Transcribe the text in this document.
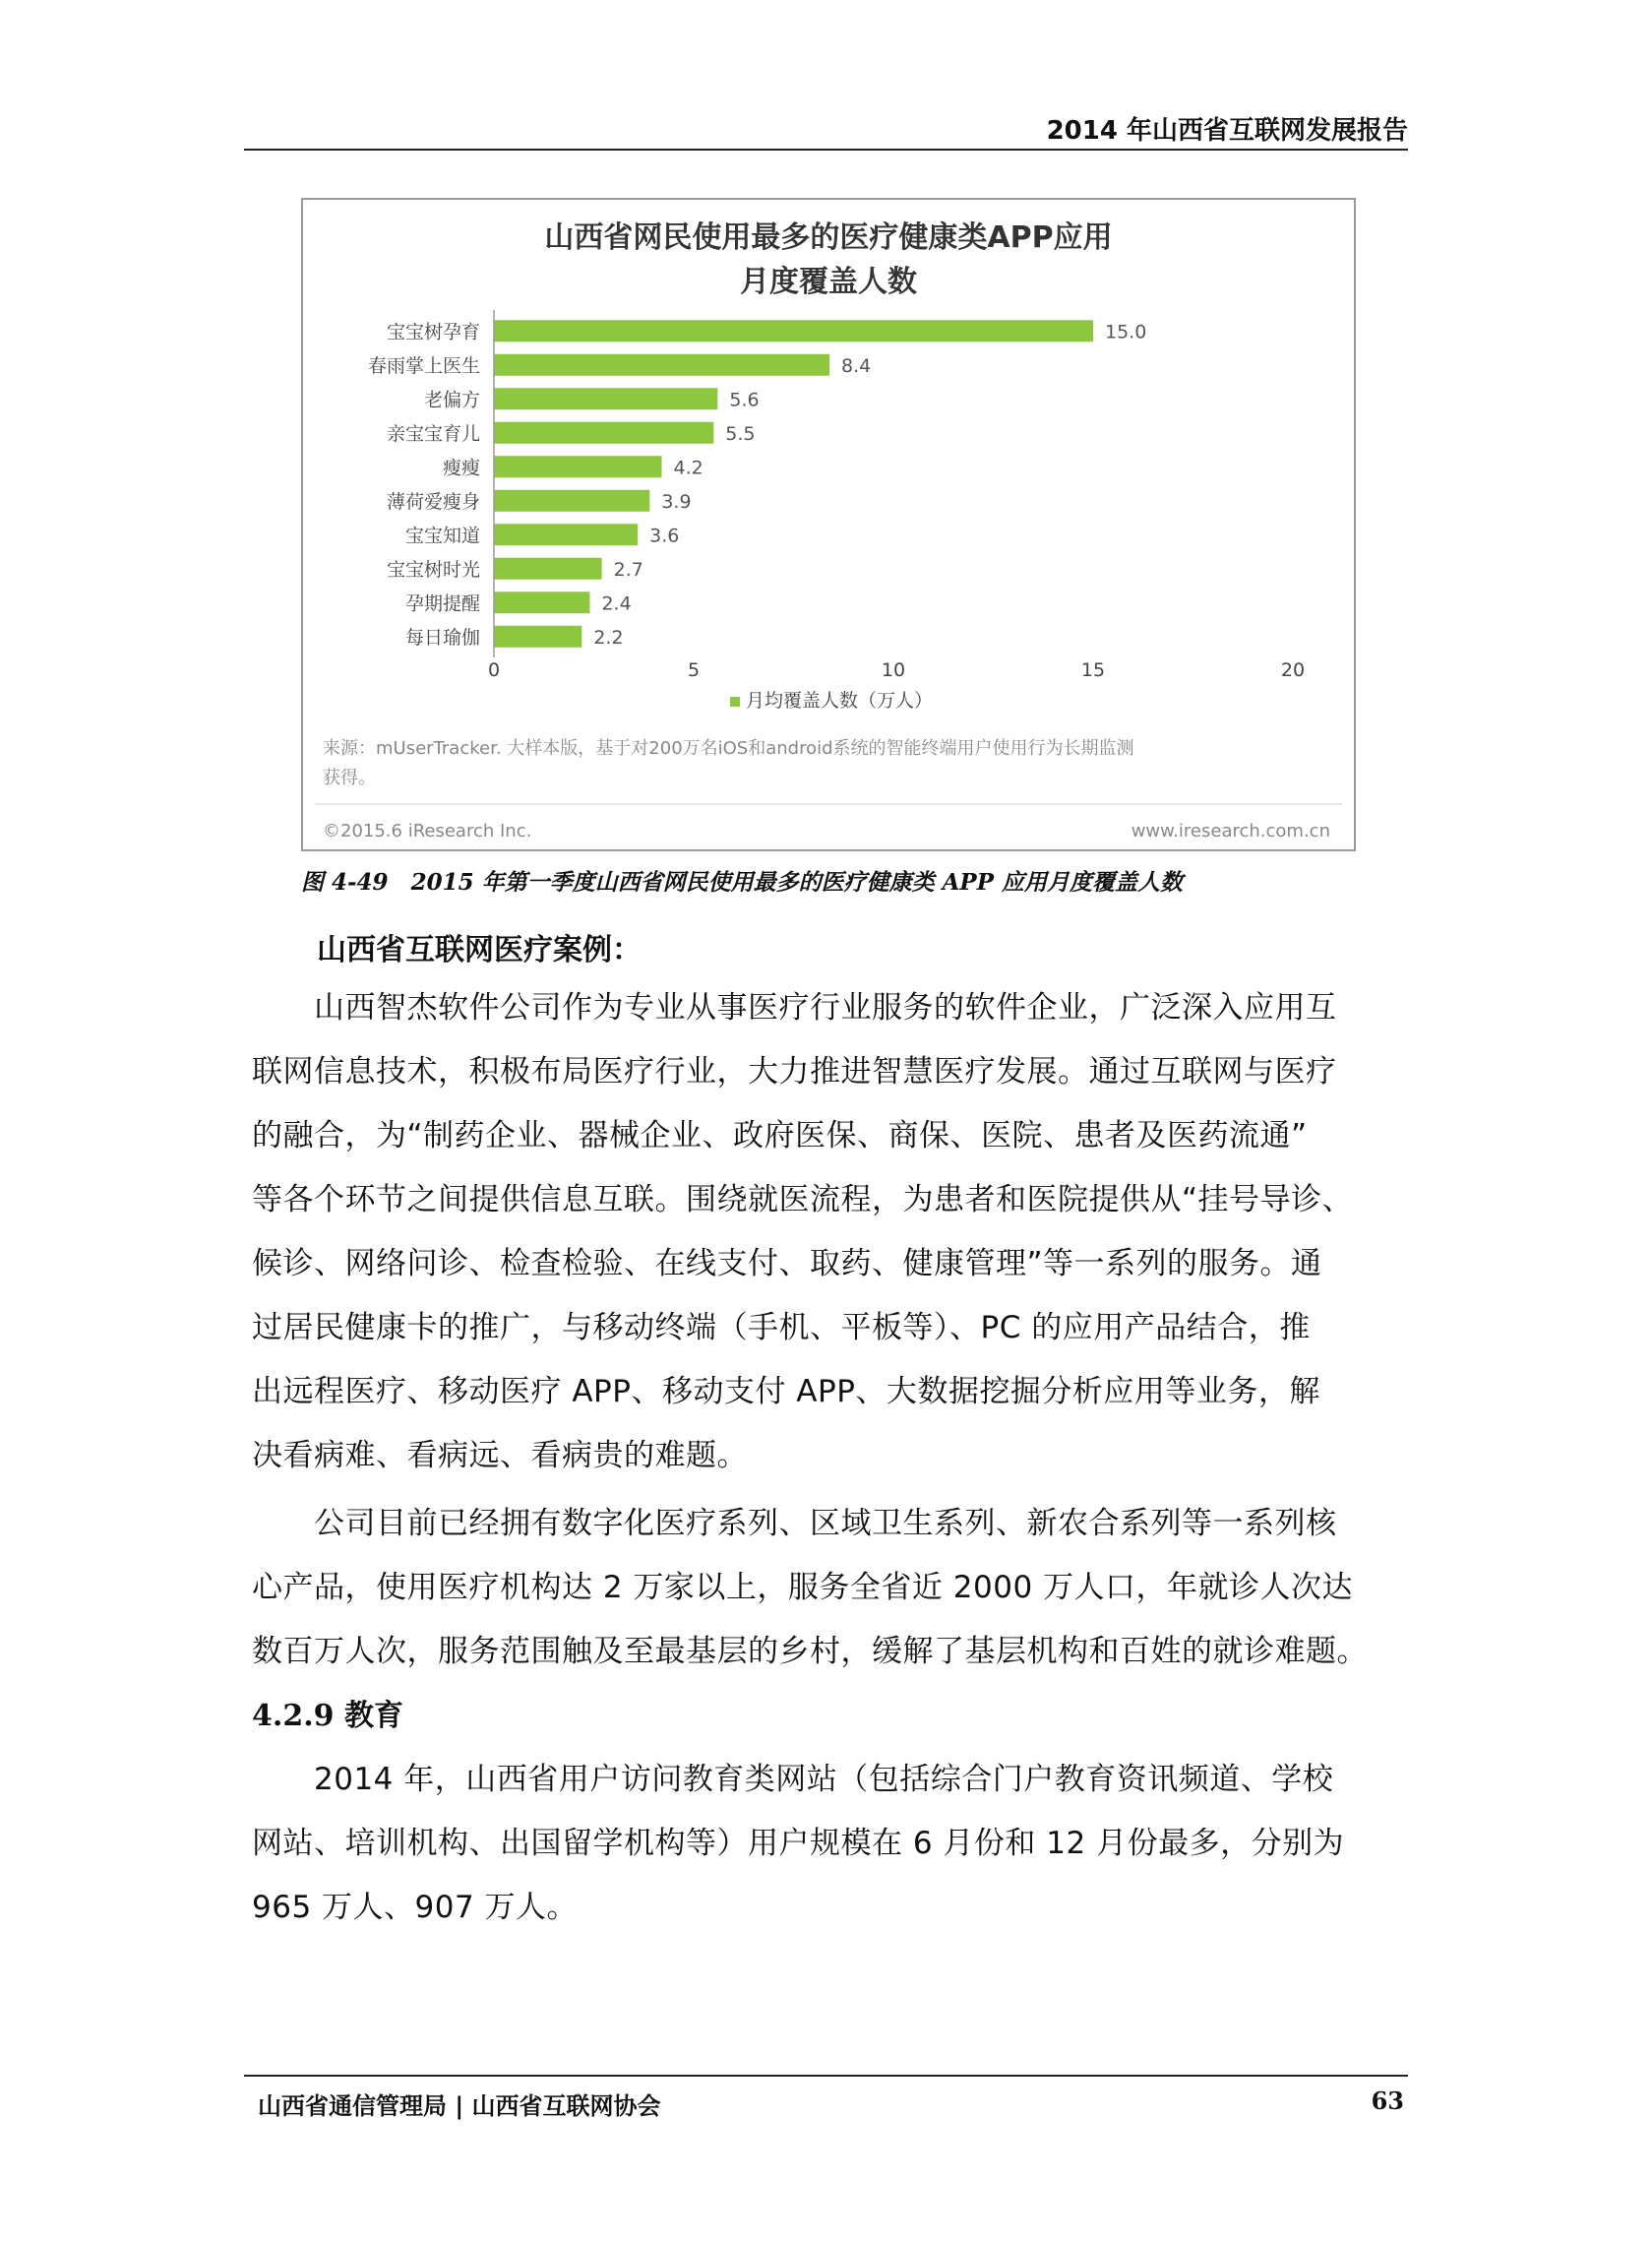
2014 年山西省互联网发展报告
山西省网民使用最多的医疗健康类APP应用
月度覆盖人数
宝宝树孕育	15.0
春雨掌上医生	8.4
老偏方	5.6
亲宝宝育儿	5.5
瘦瘦	4.2
薄荷爱瘦身	3.9
宝宝知道	3.6
宝宝树时光	2.7
孕期提醒	2.4
每日瑜伽	2.2
0	5	10	15	20
月均覆盖人数（万人）
来源：mUserTracker. 大样本版，基于对200万名iOS和android系统的智能终端用户使用行为长期监测
获得。
©2015.6 iResearch Inc.	www.iresearch.com.cn
图 4-49　2015 年第一季度山西省网民使用最多的医疗健康类 APP 应用月度覆盖人数
山西省互联网医疗案例：
　　山西智杰软件公司作为专业从事医疗行业服务的软件企业，广泛深入应用互
联网信息技术，积极布局医疗行业，大力推进智慧医疗发展。通过互联网与医疗
的融合，为“制药企业、器械企业、政府医保、商保、医院、患者及医药流通”
等各个环节之间提供信息互联。围绕就医流程，为患者和医院提供从“挂号导诊、
候诊、网络问诊、检查检验、在线支付、取药、健康管理”等一系列的服务。通
过居民健康卡的推广，与移动终端（手机、平板等）、PC 的应用产品结合，推
出远程医疗、移动医疗 APP、移动支付 APP、大数据挖掘分析应用等业务，解
决看病难、看病远、看病贵的难题。
　　公司目前已经拥有数字化医疗系列、区域卫生系列、新农合系列等一系列核
心产品，使用医疗机构达 2 万家以上，服务全省近 2000 万人口，年就诊人次达
数百万人次，服务范围触及至最基层的乡村，缓解了基层机构和百姓的就诊难题。
4.2.9 教育
　　2014 年，山西省用户访问教育类网站（包括综合门户教育资讯频道、学校
网站、培训机构、出国留学机构等）用户规模在 6 月份和 12 月份最多，分别为
965 万人、907 万人。
山西省通信管理局 | 山西省互联网协会	63
